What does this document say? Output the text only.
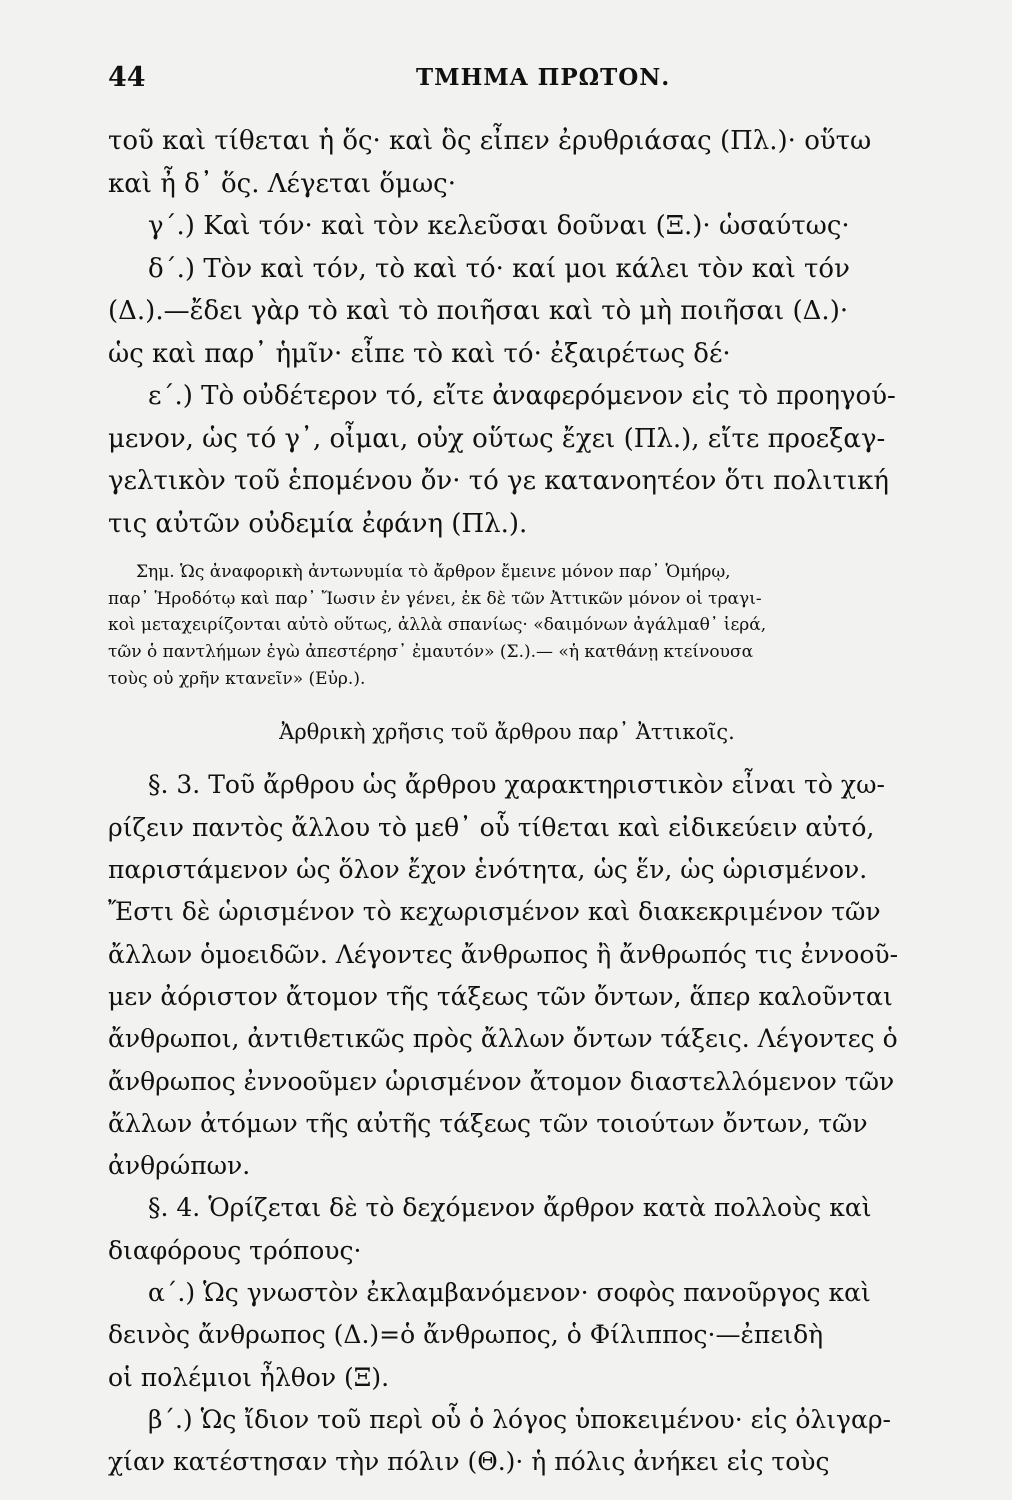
44	ΤΜΗΜΑ ΠΡΩΤΟΝ.
τοῦ καὶ τίθεται ἡ ὅς· καὶ ὃς εἶπεν ἐρυθριάσας (Πλ.)· οὕτω
καὶ ἦ δ᾽ ὅς. Λέγεται ὅμως·
γ΄.) Καὶ τόν· καὶ τὸν κελεῦσαι δοῦναι (Ξ.)· ὡσαύτως·
δ΄.) Τὸν καὶ τόν, τὸ καὶ τό· καί μοι κάλει τὸν καὶ τόν
(Δ.).—ἔδει γὰρ τὸ καὶ τὸ ποιῆσαι καὶ τὸ μὴ ποιῆσαι (Δ.)·
ὡς καὶ παρ᾽ ἡμῖν· εἶπε τὸ καὶ τό· ἐξαιρέτως δέ·
ε΄.) Τὸ οὐδέτερον τό, εἴτε ἀναφερόμενον εἰς τὸ προηγού-
μενον, ὡς τό γ᾽, οἶμαι, οὐχ οὕτως ἔχει (Πλ.), εἴτε προεξαγ-
γελτικὸν τοῦ ἑπομένου ὄν· τό γε κατανοητέον ὅτι πολιτική
τις αὐτῶν οὐδεμία ἐφάνη (Πλ.).
Σημ. Ὡς ἀναφορικὴ ἀντωνυμία τὸ ἄρθρον ἔμεινε μόνον παρ᾽ Ὁμήρῳ,
παρ᾽ Ἡροδότῳ καὶ παρ᾽ Ἴωσιν ἐν γένει, ἐκ δὲ τῶν Ἀττικῶν μόνον οἱ τραγι-
κοὶ μεταχειρίζονται αὐτὸ οὕτως, ἀλλὰ σπανίως· «δαιμόνων ἀγάλμαθ᾽ ἱερά,
τῶν ὁ παντλήμων ἐγὼ ἀπεστέρησ᾽ ἐμαυτόν» (Σ.).— «ἡ κατθάνῃ κτείνουσα
τοὺς οὐ χρῆν κτανεῖν» (Εὐρ.).
Ἀρθρικὴ χρῆσις τοῦ ἄρθρου παρ᾽ Ἀττικοῖς.
§. 3. Τοῦ ἄρθρου ὡς ἄρθρου χαρακτηριστικὸν εἶναι τὸ χω-
ρίζειν παντὸς ἄλλου τὸ μεθ᾽ οὗ τίθεται καὶ εἰδικεύειν αὐτό,
παριστάμενον ὡς ὅλον ἔχον ἑνότητα, ὡς ἕν, ὡς ὡρισμένον.
Ἔστι δὲ ὡρισμένον τὸ κεχωρισμένον καὶ διακεκριμένον τῶν
ἄλλων ὁμοειδῶν. Λέγοντες ἄνθρωπος ἢ ἄνθρωπός τις ἐννοοῦ-
μεν ἀόριστον ἄτομον τῆς τάξεως τῶν ὄντων, ἅπερ καλοῦνται
ἄνθρωποι, ἀντιθετικῶς πρὸς ἄλλων ὄντων τάξεις. Λέγοντες ὁ
ἄνθρωπος ἐννοοῦμεν ὡρισμένον ἄτομον διαστελλόμενον τῶν
ἄλλων ἀτόμων τῆς αὐτῆς τάξεως τῶν τοιούτων ὄντων, τῶν
ἀνθρώπων.
§. 4. Ὁρίζεται δὲ τὸ δεχόμενον ἄρθρον κατὰ πολλοὺς καὶ
διαφόρους τρόπους·
α΄.) Ὡς γνωστὸν ἐκλαμβανόμενον· σοφὸς πανοῦργος καὶ
δεινὸς ἄνθρωπος (Δ.)=ὁ ἄνθρωπος, ὁ Φίλιππος·—ἐπειδὴ
οἱ πολέμιοι ἦλθον (Ξ).
β΄.) Ὡς ἴδιον τοῦ περὶ οὗ ὁ λόγος ὑποκειμένου· εἰς ὀλιγαρ-
χίαν κατέστησαν τὴν πόλιν (Θ.)· ἡ πόλις ἀνήκει εἰς τοὺς
